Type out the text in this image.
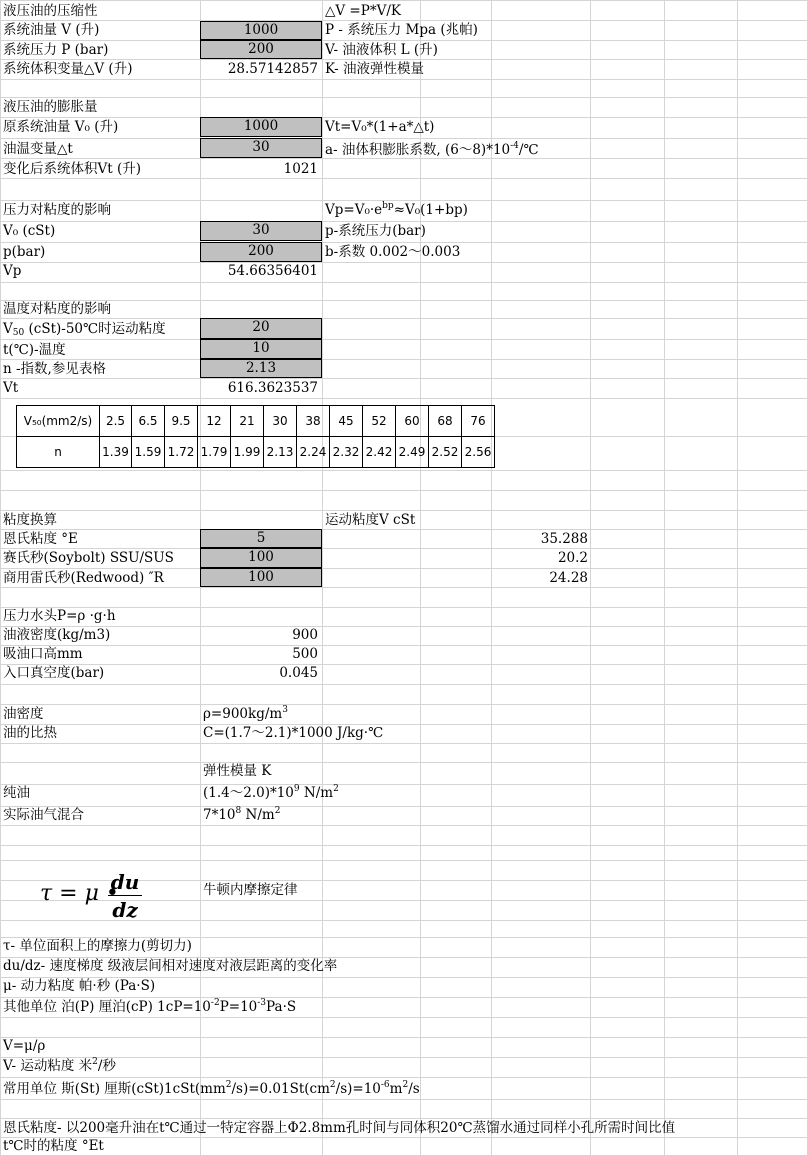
液压油的压缩性
系统油量 V (升)	1000
系统压力 P (bar)	200
系统体积变量△V (升)	28.57142857
△V =P*V/K
P - 系统压力 Mpa (兆帕)
V- 油液体积 L (升)
K- 油液弹性模量
液压油的膨胀量
原系统油量 V₀ (升)	1000
油温变量△t	30
变化后系统体积Vt (升)	1021
Vt=V₀*(1+a*△t)
a- 油体积膨胀系数, $(6\sim 8)*10^{-4}/℃$
压力对粘度的影响
V₀ (cSt)	30
p(bar)	200
Vp	54.66356401
$Vp=V_0\cdot e^{bp}\approx V_0(1+bp)$
p-系统压力(bar)
b-系数 0.002～0.003
温度对粘度的影响
$V_{50}$ (cSt)-50℃时运动粘度	20
t(℃)-温度	10
n -指数,参见表格	2.13
Vt	616.3623537
V₅₀(mm2/s)	2.5	6.5	9.5	12	21	30	38	45	52	60	68	76
n	1.39	1.59	1.72	1.79	1.99	2.13	2.24	2.32	2.42	2.49	2.52	2.56
粘度换算	运动粘度V cSt
恩氏粘度 °E	5	35.288
赛氏秒(Soybolt) SSU/SUS	100	20.2
商用雷氏秒(Redwood) ″R	100	24.28
压力水头P=ρ ·g·h
油液密度(kg/m3)	900
吸油口高mm	500
入口真空度(bar)	0.045
油密度	$\rho=900kg/m^3$
油的比热	C=(1.7～2.1)*1000 J/kg·℃
弹性模量 K
纯油	$(1.4\sim 2.0)*10^9$ $N/m^2$
实际油气混合	$7*10^8$ $N/m^2$
τ = μ •
du
dz
牛顿内摩擦定律
τ- 单位面积上的摩擦力(剪切力)
du/dz- 速度梯度 级液层间相对速度对液层距离的变化率
μ- 动力粘度 帕·秒 (Pa·S)
其他单位 泊(P) 厘泊(cP) $1cP=10^{-2}P=10^{-3}Pa\cdot S$
V=μ/ρ
V- 运动粘度 米$^2$/秒
常用单位 斯(St) 厘斯$(cSt)1cSt(mm^2/s)=0.01St(cm^2/s)=10^{-6}m^2/s$
恩氏粘度- 以200毫升油在t℃通过一特定容器上Φ2.8mm孔时间与同体积20℃蒸馏水通过同样小孔所需时间比值
t℃时的粘度 °Et
